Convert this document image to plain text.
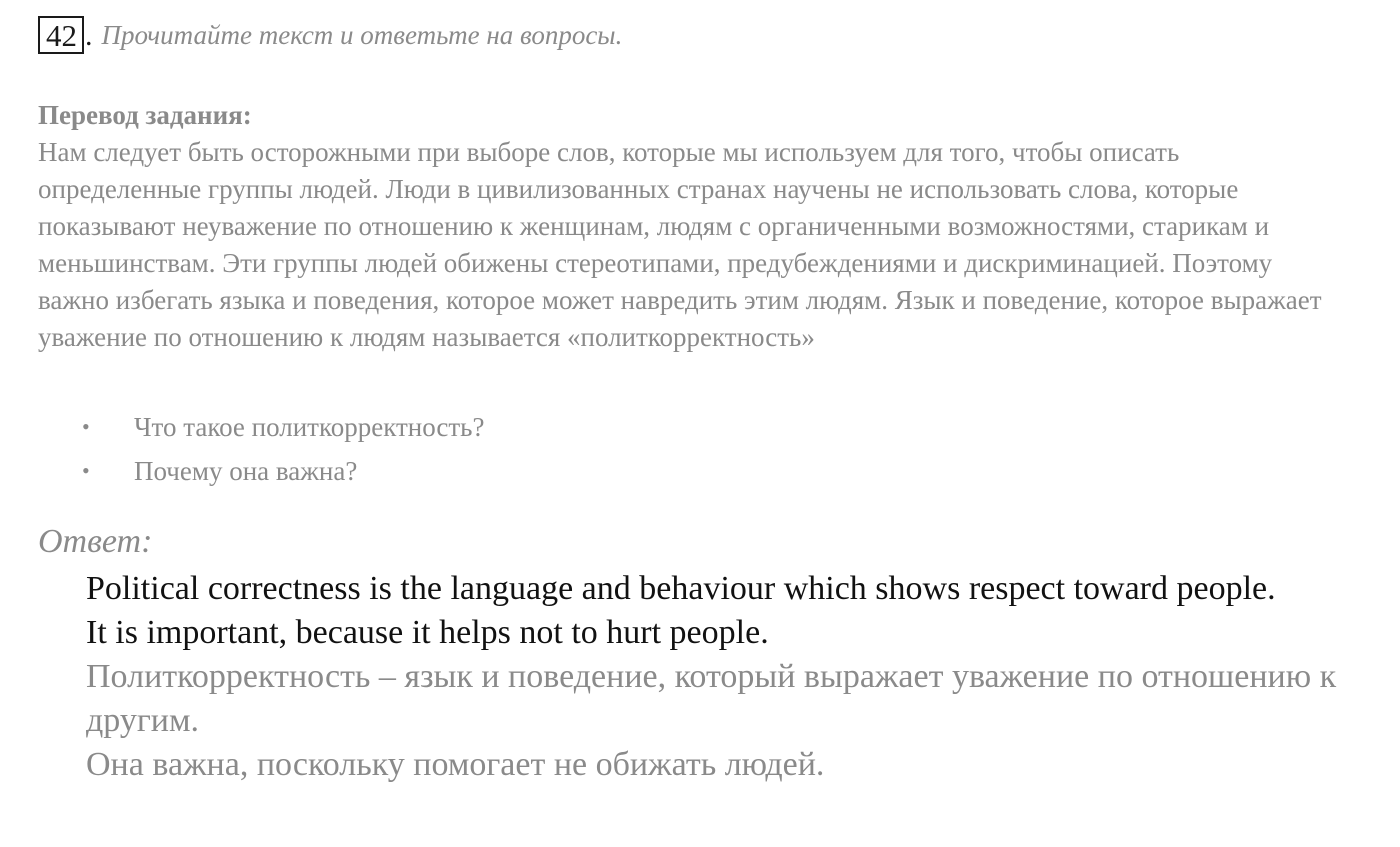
42 . Прочитайте текст и ответьте на вопросы.
Перевод задания:
Нам следует быть осторожными при выборе слов, которые мы используем для того, чтобы описать определенные группы людей. Люди в цивилизованных странах научены не использовать слова, которые показывают неуважение по отношению к женщинам, людям с органиченными возможностями, старикам и меньшинствам. Эти группы людей обижены стереотипами, предубеждениями и дискриминацией. Поэтому важно избегать языка и поведения, которое может навредить этим людям. Язык и поведение, которое выражает уважение по отношению к людям называется «политкорректность»
•	Что такое политкорректность?
•	Почему она важна?
Ответ:

Political correctness is the language and behaviour which shows respect toward people.

It is important, because it helps not to hurt people.

Политкорректность – язык и поведение, который выражает уважение по отношению к другим.

Она важна, поскольку помогает не обижать людей.
